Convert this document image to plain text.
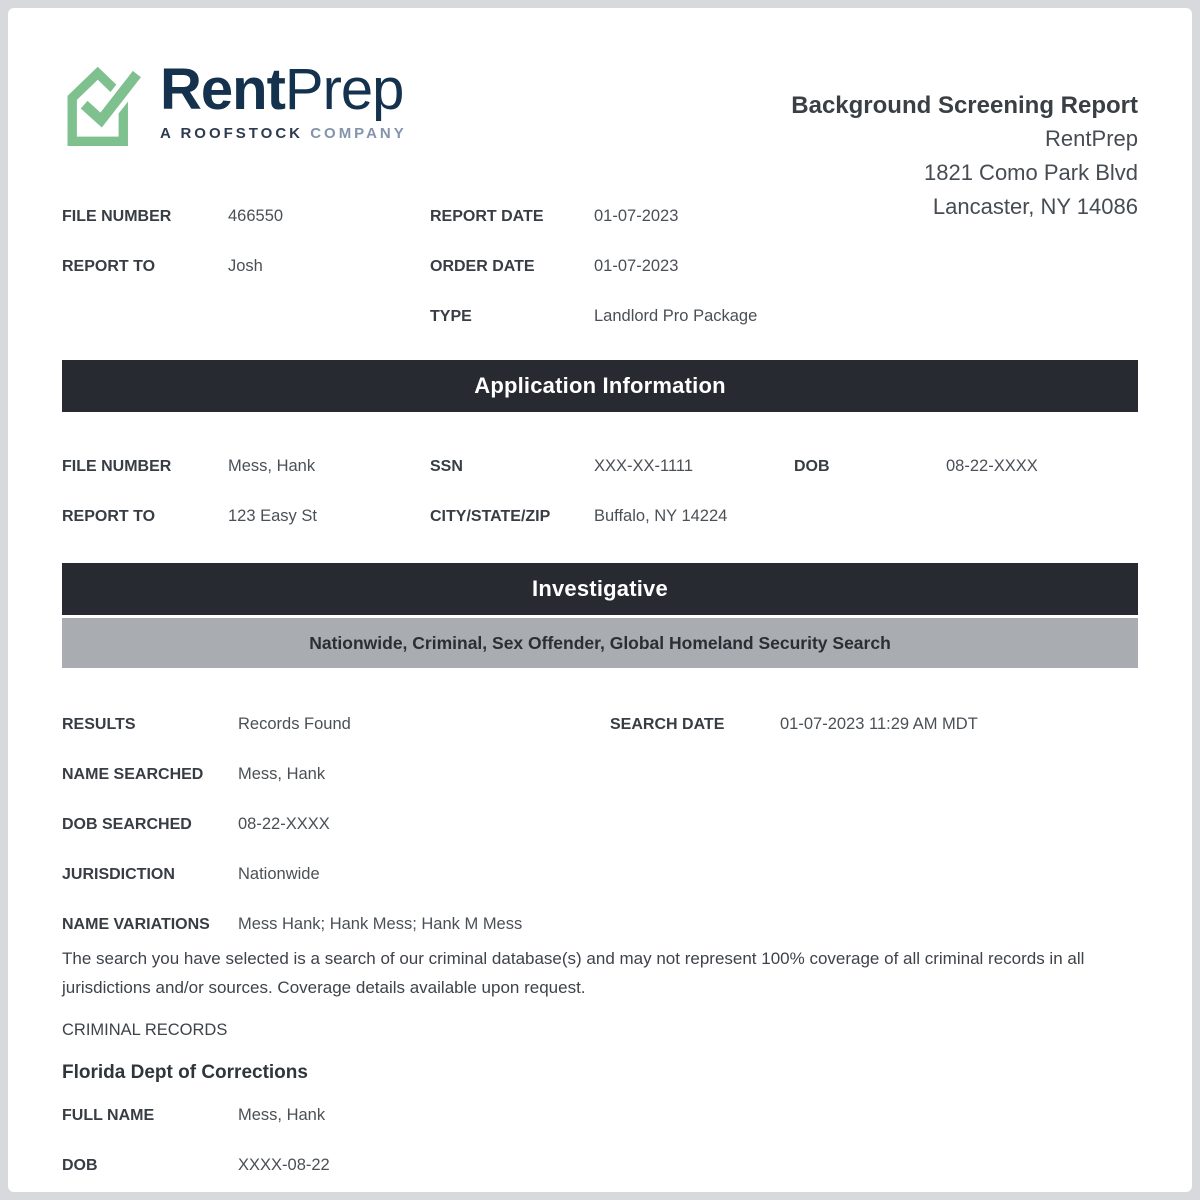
RentPrep
A ROOFSTOCK COMPANY
Background Screening Report
RentPrep
1821 Como Park Blvd
Lancaster, NY 14086
FILE NUMBER	466550	REPORT DATE	01-07-2023
REPORT TO	Josh	ORDER DATE	01-07-2023
TYPE	Landlord Pro Package
Application Information
FILE NUMBER	Mess, Hank	SSN	XXX-XX-1111	DOB	08-22-XXXX
REPORT TO	123 Easy St	CITY/STATE/ZIP	Buffalo, NY 14224
Investigative
Nationwide, Criminal, Sex Offender, Global Homeland Security Search
RESULTS	Records Found	SEARCH DATE	01-07-2023 11:29 AM MDT
NAME SEARCHED	Mess, Hank
DOB SEARCHED	08-22-XXXX
JURISDICTION	Nationwide
NAME VARIATIONS	Mess Hank; Hank Mess; Hank M Mess

The search you have selected is a search of our criminal database(s) and may not represent 100% coverage of all criminal records in all jurisdictions and/or sources. Coverage details available upon request.

CRIMINAL RECORDS
Florida Dept of Corrections
FULL NAME	Mess, Hank
DOB	XXXX-08-22
